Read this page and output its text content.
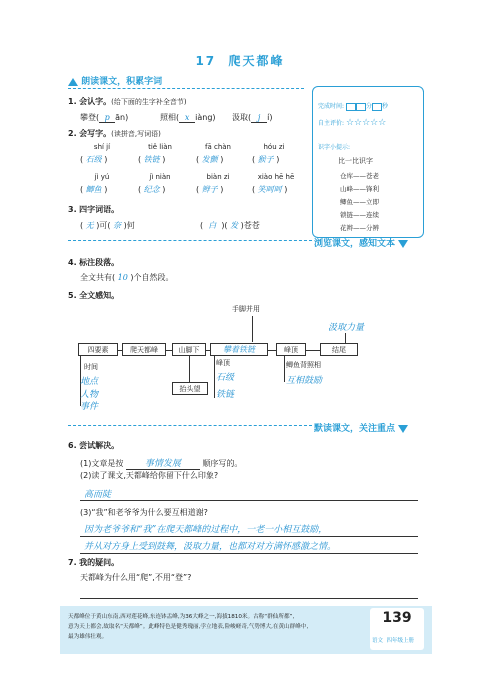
17 爬天都峰
朗读课文，积累字词
1. 会认字。(给下面的生字补全音节)
攀登( p ān)	照相( x iàng) 汲取( j í)
2. 会写字。(读拼音,写词语)
shí jí	tiě liàn	fā chàn	hóu zi
( 石级 )	( 铁链 )	( 发颤 )	( 猴子 )
jì yú	jì niàn	biàn zi	xiào hē hē
( 鲫鱼 )	( 纪念 )	( 辫子 )	( 笑呵呵 )
3. 四字词语。
( 无 )可( 奈 )何	( 白 )( 发 )苍苍
完成时间:	分 秒
自主评价: ☆☆☆☆☆
识字小提示:
比一比识字
仓库——苍老
山峰——锋利
鲫鱼——立即
锁链——连续
花辫——分辨
浏览课文，感知文本
4. 标注段落。
全文共有( 10 )个自然段。
5. 全文感知。
手脚并用
汲取力量
四要素	爬天都峰	山脚下	攀着铁链	峰顶	结尾
时间
地点
人物
事件
抬头望
峰顶
石级
铁链
鲫鱼背照相
互相鼓励
默读课文，关注重点
6. 尝试解决。
(1)文章是按 事情发展	顺序写的。
(2)读了课文,天都峰给你留下什么印象?
高而陡
(3)“我”和老爷爷为什么要互相道谢?
因为老爷爷和“我”在爬天都峰的过程中，一老一小相互鼓励，
并从对方身上受到鼓舞，汲取力量，也都对对方满怀感激之情。
7. 我的疑问。
天都峰为什么用“爬”,不用“登”?
天都峰位于黄山东南,西对莲花峰,东连钵盂峰,为36大峰之一,海拔1810米。古称“群仙所都”,
意为天上都会,故取名“天都峰”。此峰特色是健秀瑰丽,孛立地表,险峻嵯奇,气势博大,在黄山群峰中,
最为雄伟壮观。
139
语文 四年级上册
